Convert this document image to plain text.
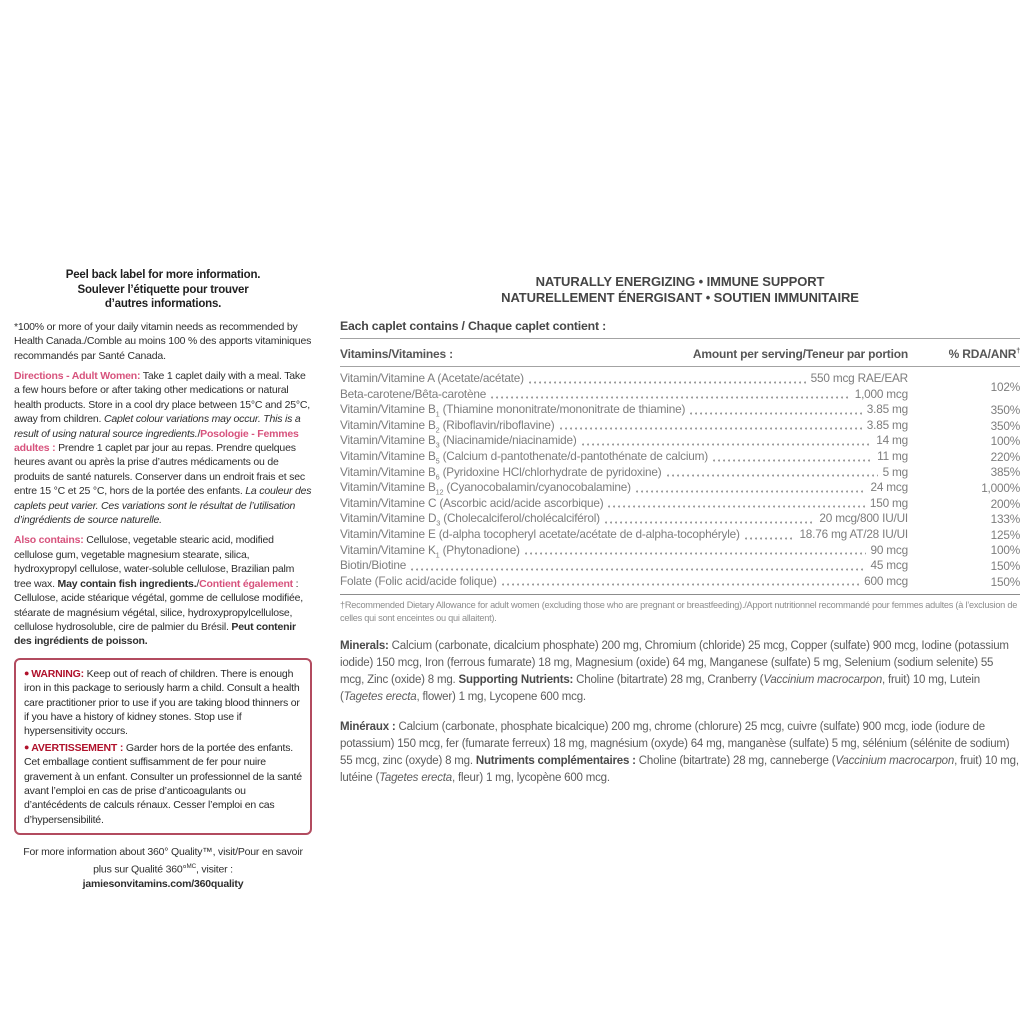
Peel back label for more information.
Soulever l’étiquette pour trouver
d’autres informations.

*100% or more of your daily vitamin needs as recommended by Health Canada./Comble au moins 100 % des apports vitaminiques recommandés par Santé Canada.

Directions - Adult Women: Take 1 caplet daily with a meal. Take a few hours before or after taking other medications or natural health products. Store in a cool dry place between 15°C and 25°C, away from children. Caplet colour variations may occur. This is a result of using natural source ingredients./Posologie - Femmes adultes : Prendre 1 caplet par jour au repas. Prendre quelques heures avant ou après la prise d’autres médicaments ou de produits de santé naturels. Conserver dans un endroit frais et sec entre 15 °C et 25 °C, hors de la portée des enfants. La couleur des caplets peut varier. Ces variations sont le résultat de l’utilisation d’ingrédients de source naturelle.

Also contains: Cellulose, vegetable stearic acid, modified cellulose gum, vegetable magnesium stearate, silica, hydroxypropyl cellulose, water-soluble cellulose, Brazilian palm tree wax. May contain fish ingredients./Contient également : Cellulose, acide stéarique végétal, gomme de cellulose modifiée, stéarate de magnésium végétal, silice, hydroxypropylcellulose, cellulose hydrosoluble, cire de palmier du Brésil. Peut contenir des ingrédients de poisson.

● WARNING: Keep out of reach of children. There is enough iron in this package to seriously harm a child. Consult a health care practitioner prior to use if you are taking blood thinners or if you have a history of kidney stones. Stop use if hypersensitivity occurs.

● AVERTISSEMENT : Garder hors de la portée des enfants. Cet emballage contient suffisamment de fer pour nuire gravement à un enfant. Consulter un professionnel de la santé avant l’emploi en cas de prise d’anticoagulants ou d’antécédents de calculs rénaux. Cesser l’emploi en cas d’hypersensibilité.

For more information about 360° Quality™, visit/Pour en savoir plus sur Qualité 360°$^{MC}$, visiter : jamiesonvitamins.com/360quality

NATURALLY ENERGIZING • IMMUNE SUPPORT
NATURELLEMENT ÉNERGISANT • SOUTIEN IMMUNITAIRE
Each caplet contains / Chaque caplet contient :
Vitamins/Vitamines :	Amount per serving/Teneur par portion	% RDA/ANR†
Vitamin/Vitamine A (Acetate/acétate)	550 mcg RAE/EAR
Beta-carotene/Bêta-carotène	1,000 mcg	102%
Vitamin/Vitamine $B_1$ (Thiamine mononitrate/mononitrate de thiamine)	3.85 mg	350%
Vitamin/Vitamine $B_2$ (Riboflavin/riboflavine)	3.85 mg	350%
Vitamin/Vitamine $B_3$ (Niacinamide/niacinamide)	14 mg	100%
Vitamin/Vitamine $B_5$ (Calcium d-pantothenate/d-pantothénate de calcium)	11 mg	220%
Vitamin/Vitamine $B_6$ (Pyridoxine HCl/chlorhydrate de pyridoxine)	5 mg	385%
Vitamin/Vitamine $B_{12}$ (Cyanocobalamin/cyanocobalamine)	24 mcg	1,000%
Vitamin/Vitamine C (Ascorbic acid/acide ascorbique)	150 mg	200%
Vitamin/Vitamine $D_3$ (Cholecalciferol/cholécalciférol)	20 mcg/800 IU/UI	133%
Vitamin/Vitamine E (d-alpha tocopheryl acetate/acétate de d-alpha-tocophéryle)	18.76 mg AT/28 IU/UI	125%
Vitamin/Vitamine $K_1$ (Phytonadione)	90 mcg	100%
Biotin/Biotine	45 mcg	150%
Folate (Folic acid/acide folique)	600 mcg	150%

†Recommended Dietary Allowance for adult women (excluding those who are pregnant or breastfeeding)./Apport nutritionnel recommandé pour femmes adultes (à l’exclusion de celles qui sont enceintes ou qui allaitent).

Minerals: Calcium (carbonate, dicalcium phosphate) 200 mg, Chromium (chloride) 25 mcg, Copper (sulfate) 900 mcg, Iodine (potassium iodide) 150 mcg, Iron (ferrous fumarate) 18 mg, Magnesium (oxide) 64 mg, Manganese (sulfate) 5 mg, Selenium (sodium selenite) 55 mcg, Zinc (oxide) 8 mg. Supporting Nutrients: Choline (bitartrate) 28 mg, Cranberry (Vaccinium macrocarpon, fruit) 10 mg, Lutein (Tagetes erecta, flower) 1 mg, Lycopene 600 mcg.

Minéraux : Calcium (carbonate, phosphate bicalcique) 200 mg, chrome (chlorure) 25 mcg, cuivre (sulfate) 900 mcg, iode (iodure de potassium) 150 mcg, fer (fumarate ferreux) 18 mg, magnésium (oxyde) 64 mg, manganèse (sulfate) 5 mg, sélénium (sélénite de sodium) 55 mcg, zinc (oxyde) 8 mg. Nutriments complémentaires : Choline (bitartrate) 28 mg, canneberge (Vaccinium macrocarpon, fruit) 10 mg, lutéine (Tagetes erecta, fleur) 1 mg, lycopène 600 mcg.
